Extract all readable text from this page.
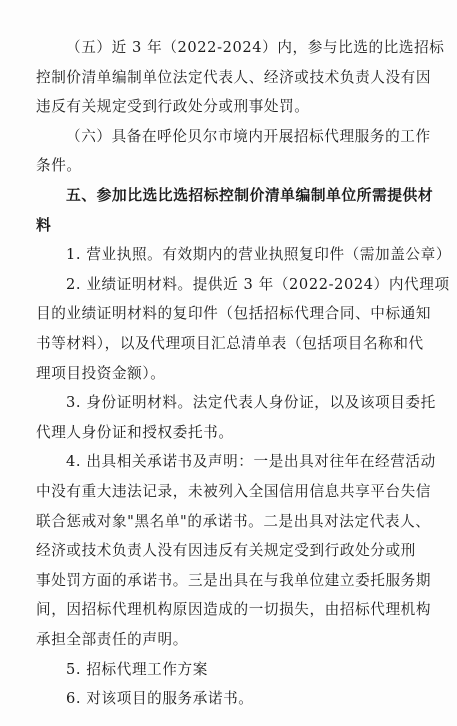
（五）近 3 年（2022-2024）内，参与比选的比选招标
控制价清单编制单位法定代表人、经济或技术负责人没有因
违反有关规定受到行政处分或刑事处罚。
（六）具备在呼伦贝尔市境内开展招标代理服务的工作
条件。
五、参加比选比选招标控制价清单编制单位所需提供材
料
1. 营业执照。有效期内的营业执照复印件（需加盖公章）
2. 业绩证明材料。提供近 3 年（2022-2024）内代理项
目的业绩证明材料的复印件（包括招标代理合同、中标通知
书等材料），以及代理项目汇总清单表（包括项目名称和代
理项目投资金额）。
3. 身份证明材料。法定代表人身份证，以及该项目委托
代理人身份证和授权委托书。
4. 出具相关承诺书及声明：一是出具对往年在经营活动
中没有重大违法记录，未被列入全国信用信息共享平台失信
联合惩戒对象"黑名单"的承诺书。二是出具对法定代表人、
经济或技术负责人没有因违反有关规定受到行政处分或刑
事处罚方面的承诺书。三是出具在与我单位建立委托服务期
间，因招标代理机构原因造成的一切损失，由招标代理机构
承担全部责任的声明。
5. 招标代理工作方案
6. 对该项目的服务承诺书。
